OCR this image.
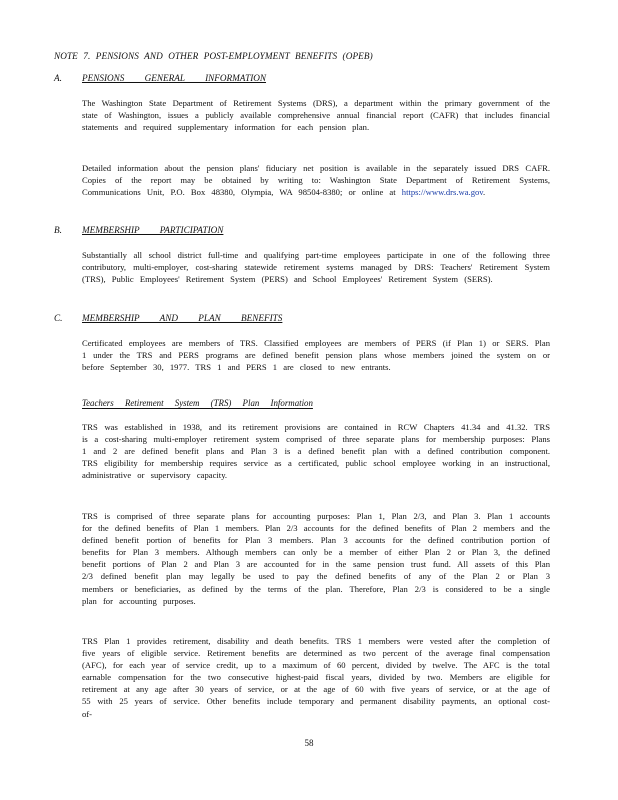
NOTE 7. PENSIONS AND OTHER POST-EMPLOYMENT BENEFITS (OPEB)
A. PENSIONS GENERAL INFORMATION
The Washington State Department of Retirement Systems (DRS), a department within the primary government of the state of Washington, issues a publicly available comprehensive annual financial report (CAFR) that includes financial statements and required supplementary information for each pension plan.
Detailed information about the pension plans' fiduciary net position is available in the separately issued DRS CAFR. Copies of the report may be obtained by writing to: Washington State Department of Retirement Systems, Communications Unit, P.O. Box 48380, Olympia, WA 98504-8380; or online at https://www.drs.wa.gov.
B. MEMBERSHIP PARTICIPATION
Substantially all school district full-time and qualifying part-time employees participate in one of the following three contributory, multi-employer, cost-sharing statewide retirement systems managed by DRS: Teachers' Retirement System (TRS), Public Employees' Retirement System (PERS) and School Employees' Retirement System (SERS).
C. MEMBERSHIP AND PLAN BENEFITS
Certificated employees are members of TRS. Classified employees are members of PERS (if Plan 1) or SERS. Plan 1 under the TRS and PERS programs are defined benefit pension plans whose members joined the system on or before September 30, 1977. TRS 1 and PERS 1 are closed to new entrants.
Teachers Retirement System (TRS) Plan Information
TRS was established in 1938, and its retirement provisions are contained in RCW Chapters 41.34 and 41.32. TRS is a cost-sharing multi-employer retirement system comprised of three separate plans for membership purposes: Plans 1 and 2 are defined benefit plans and Plan 3 is a defined benefit plan with a defined contribution component. TRS eligibility for membership requires service as a certificated, public school employee working in an instructional, administrative or supervisory capacity.
TRS is comprised of three separate plans for accounting purposes: Plan 1, Plan 2/3, and Plan 3. Plan 1 accounts for the defined benefits of Plan 1 members. Plan 2/3 accounts for the defined benefits of Plan 2 members and the defined benefit portion of benefits for Plan 3 members. Plan 3 accounts for the defined contribution portion of benefits for Plan 3 members. Although members can only be a member of either Plan 2 or Plan 3, the defined benefit portions of Plan 2 and Plan 3 are accounted for in the same pension trust fund. All assets of this Plan 2/3 defined benefit plan may legally be used to pay the defined benefits of any of the Plan 2 or Plan 3 members or beneficiaries, as defined by the terms of the plan. Therefore, Plan 2/3 is considered to be a single plan for accounting purposes.
TRS Plan 1 provides retirement, disability and death benefits. TRS 1 members were vested after the completion of five years of eligible service. Retirement benefits are determined as two percent of the average final compensation (AFC), for each year of service credit, up to a maximum of 60 percent, divided by twelve. The AFC is the total earnable compensation for the two consecutive highest-paid fiscal years, divided by two. Members are eligible for retirement at any age after 30 years of service, or at the age of 60 with five years of service, or at the age of 55 with 25 years of service. Other benefits include temporary and permanent disability payments, an optional cost-of-
58
